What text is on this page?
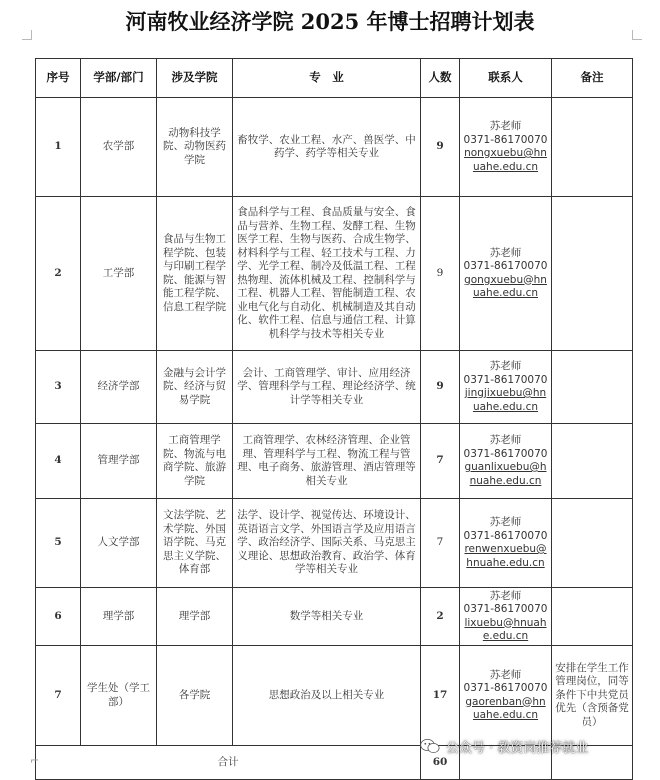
河南牧业经济学院 2025 年博士招聘计划表
序号	学部/部门	涉及学院	专　业	人数	联系人	备注
1	农学部	动物科技学院、动物医药学院	畜牧学、农业工程、水产、兽医学、中药学、药学等相关专业	9	苏老师
0371-86170070
nongxuebu@hnuahe.edu.cn	

2	工学部	食品与生物工程学院、包装与印刷工程学院、能源与智能工程学院、信息工程学院	食品科学与工程、食品质量与安全、食品与营养、生物工程、发酵工程、生物医学工程、生物与医药、合成生物学、材料科学与工程、轻工技术与工程、力学、光学工程、制冷及低温工程、工程热物理、流体机械及工程、控制科学与工程、机器人工程、智能制造工程、农业电气化与自动化、机械制造及其自动化、软件工程、信息与通信工程、计算机科学与技术等相关专业	9	苏老师
0371-86170070
gongxuebu@hnuahe.edu.cn	

3	经济学部	金融与会计学院、经济与贸易学院	会计、工商管理学、审计、应用经济学、管理科学与工程、理论经济学、统计学等相关专业	9	苏老师
0371-86170070
jingjixuebu@hnuahe.edu.cn	

4	管理学部	工商管理学院、物流与电商学院、旅游学院	工商管理学、农林经济管理、企业管理、管理科学与工程、物流工程与管理、电子商务、旅游管理、酒店管理等相关专业	7	苏老师
0371-86170070
guanlixuebu@hnuahe.edu.cn	

5	人文学部	文法学院、艺术学院、外国语学院、马克思主义学院、体育部	法学、设计学、视觉传达、环境设计、英语语言文学、外国语言学及应用语言学、政治经济学、国际关系、马克思主义理论、思想政治教育、政治学、体育学等相关专业	7	苏老师
0371-86170070
renwenxuebu@hnuahe.edu.cn	

6	理学部	理学部	数学等相关专业	2	苏老师
0371-86170070
lixuebu@hnuahe.edu.cn	

7	学生处（学工部）	各学院	思想政治及以上相关专业	17	苏老师
0371-86170070
gaorenban@hnuahe.edu.cn	安排在学生工作管理岗位，同等条件下中共党员优先（含预备党员）
合计				60		
公众号 · 教资岗推荐就业
⌐
